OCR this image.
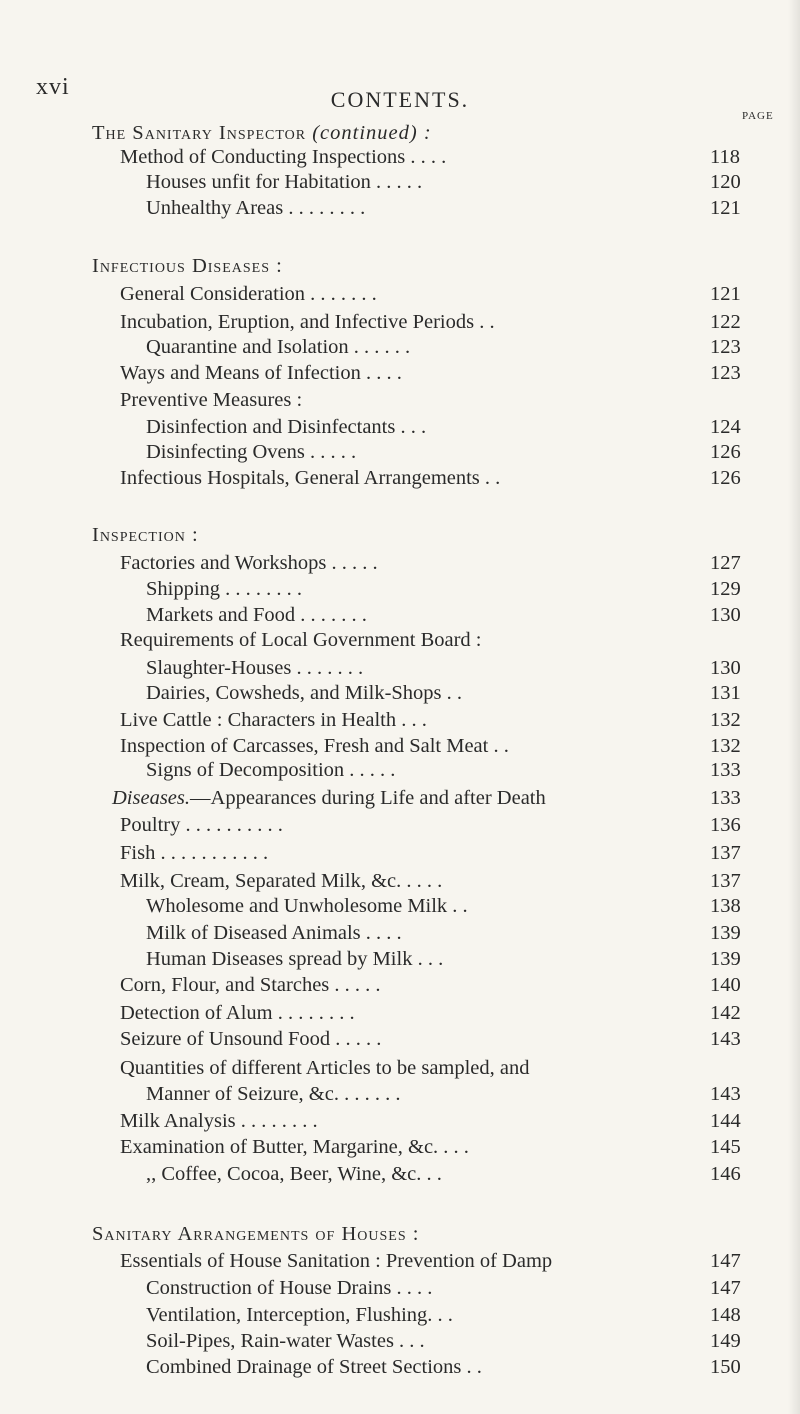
xvi	CONTENTS.
PAGE
The Sanitary Inspector (continued) :
Method of Conducting Inspections . . . .	118
Houses unfit for Habitation . . . . .	120
Unhealthy Areas . . . . . . . .	121
Infectious Diseases :
General Consideration . . . . . . .	121
Incubation, Eruption, and Infective Periods . .	122
Quarantine and Isolation . . . . . .	123
Ways and Means of Infection . . . .	123
Preventive Measures :
Disinfection and Disinfectants . . .	124
Disinfecting Ovens . . . . .	126
Infectious Hospitals, General Arrangements . .	126
Inspection :
Factories and Workshops . . . . .	127
Shipping . . . . . . . .	129
Markets and Food . . . . . . .	130
Requirements of Local Government Board :
Slaughter-Houses . . . . . . .	130
Dairies, Cowsheds, and Milk-Shops . .	131
Live Cattle : Characters in Health . . .	132
Inspection of Carcasses, Fresh and Salt Meat . .	132
Signs of Decomposition . . . . .	133
Diseases.—Appearances during Life and after Death	133
Poultry . . . . . . . . . .	136
Fish . . . . . . . . . . .	137
Milk, Cream, Separated Milk, &c. . . . .	137
Wholesome and Unwholesome Milk . .	138
Milk of Diseased Animals . . . .	139
Human Diseases spread by Milk . . .	139
Corn, Flour, and Starches . . . . .	140
Detection of Alum . . . . . . . .	142
Seizure of Unsound Food . . . . .	143
Quantities of different Articles to be sampled, and
Manner of Seizure, &c. . . . . . .	143
Milk Analysis . . . . . . . .	144
Examination of Butter, Margarine, &c. . . .	145
,, Coffee, Cocoa, Beer, Wine, &c. . .	146
Sanitary Arrangements of Houses :
Essentials of House Sanitation : Prevention of Damp	147
Construction of House Drains . . . .	147
Ventilation, Interception, Flushing. . .	148
Soil-Pipes, Rain-water Wastes . . .	149
Combined Drainage of Street Sections . .	150
